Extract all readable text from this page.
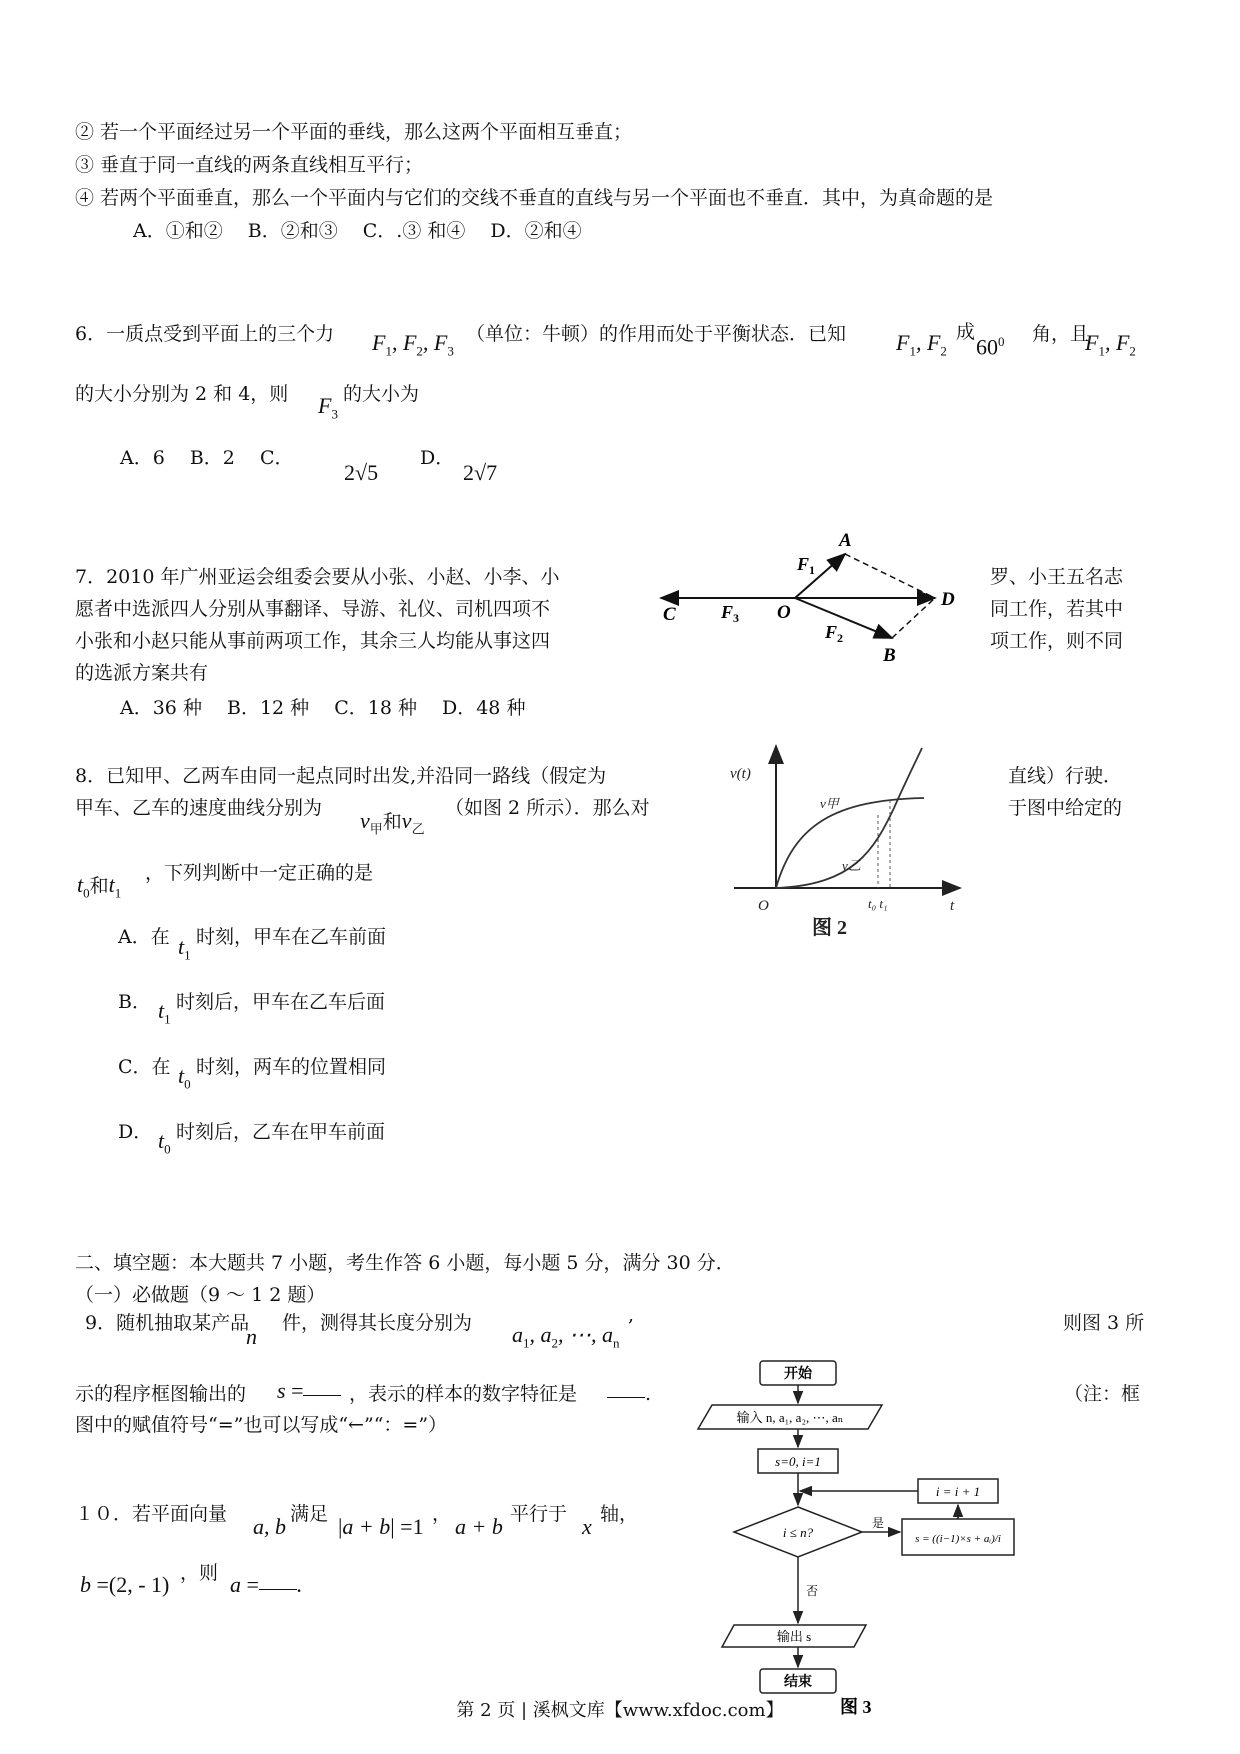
② 若一个平面经过另一个平面的垂线，那么这两个平面相互垂直；
③ 垂直于同一直线的两条直线相互平行；
④ 若两个平面垂直，那么一个平面内与它们的交线不垂直的直线与另一个平面也不垂直．其中，为真命题的是
A．①和②　 B．②和③　 C．.③ 和④　 D．②和④
6．一质点受到平面上的三个力 $F_1$, $F_2$, $F_3$
（单位：牛顿）的作用而处于平衡状态．已知 $F_1$, $F_2$
成
$60^0$ 角，且
$F_1$, $F_2$
的大小分别为 2 和 4，则 $F_3$
的大小为
A．6　 B．2　 C．
2√5
D．
2√7
7．2010 年广州亚运会组委会要从小张、小赵、小李、小	罗、小王五名志
愿者中选派四人分别从事翻译、导游、礼仪、司机四项不	同工作，若其中
小张和小赵只能从事前两项工作，其余三人均能从事这四	项工作，则不同
的选派方案共有
A．36 种　 B．12 种　 C．18 种　 D．48 种
A
B
C
D
O
$F_1$
$F_2$
$F_3$
8．已知甲、乙两车由同一起点同时出发,并沿同一路线（假定为	直线）行驶．
甲车、乙车的速度曲线分别为 $v_甲$和$v_乙$
（如图 2 所示）．那么对	于图中给定的
$t_0$和$t_1$
，下列判断中一定正确的是
A．在 $t_1$
时刻，甲车在乙车前面
B． $t_1$
时刻后，甲车在乙车后面
C．在 $t_0$
时刻，两车的位置相同
D． $t_0$
时刻后，乙车在甲车前面
v(t)
t
O
v甲
v乙
t₀ t₁
图 2
二、填空题：本大题共 7 小题，考生作答 6 小题，每小题 5 分，满分 30 分．
（一）必做题（9 ～ 1 2 题）
9．随机抽取某产品
n
件，测得其长度分别为 $a_1$, $a_2$, ⋯, $a_n$
,	则图 3 所
示的程序框图输出的 s =	，表示的样本的数字特征是	.	（注：框
图中的赋值符号“=”也可以写成“←”“：=”）
１０．若平面向量 a, b 满足 |a + b| =1 ， a + b 平行于 x 轴，
b =(2, - 1) ，则 a = .
开始
输入 n, a₁, a₂, ⋯, aₙ
s=0, i=1
i = i + 1
i ≤ n?
是
s = ((i−1)×s + aᵢ)/i
否
输出 s
结束
图 3
第 2 页 | 溪枫文库【www.xfdoc.com】
